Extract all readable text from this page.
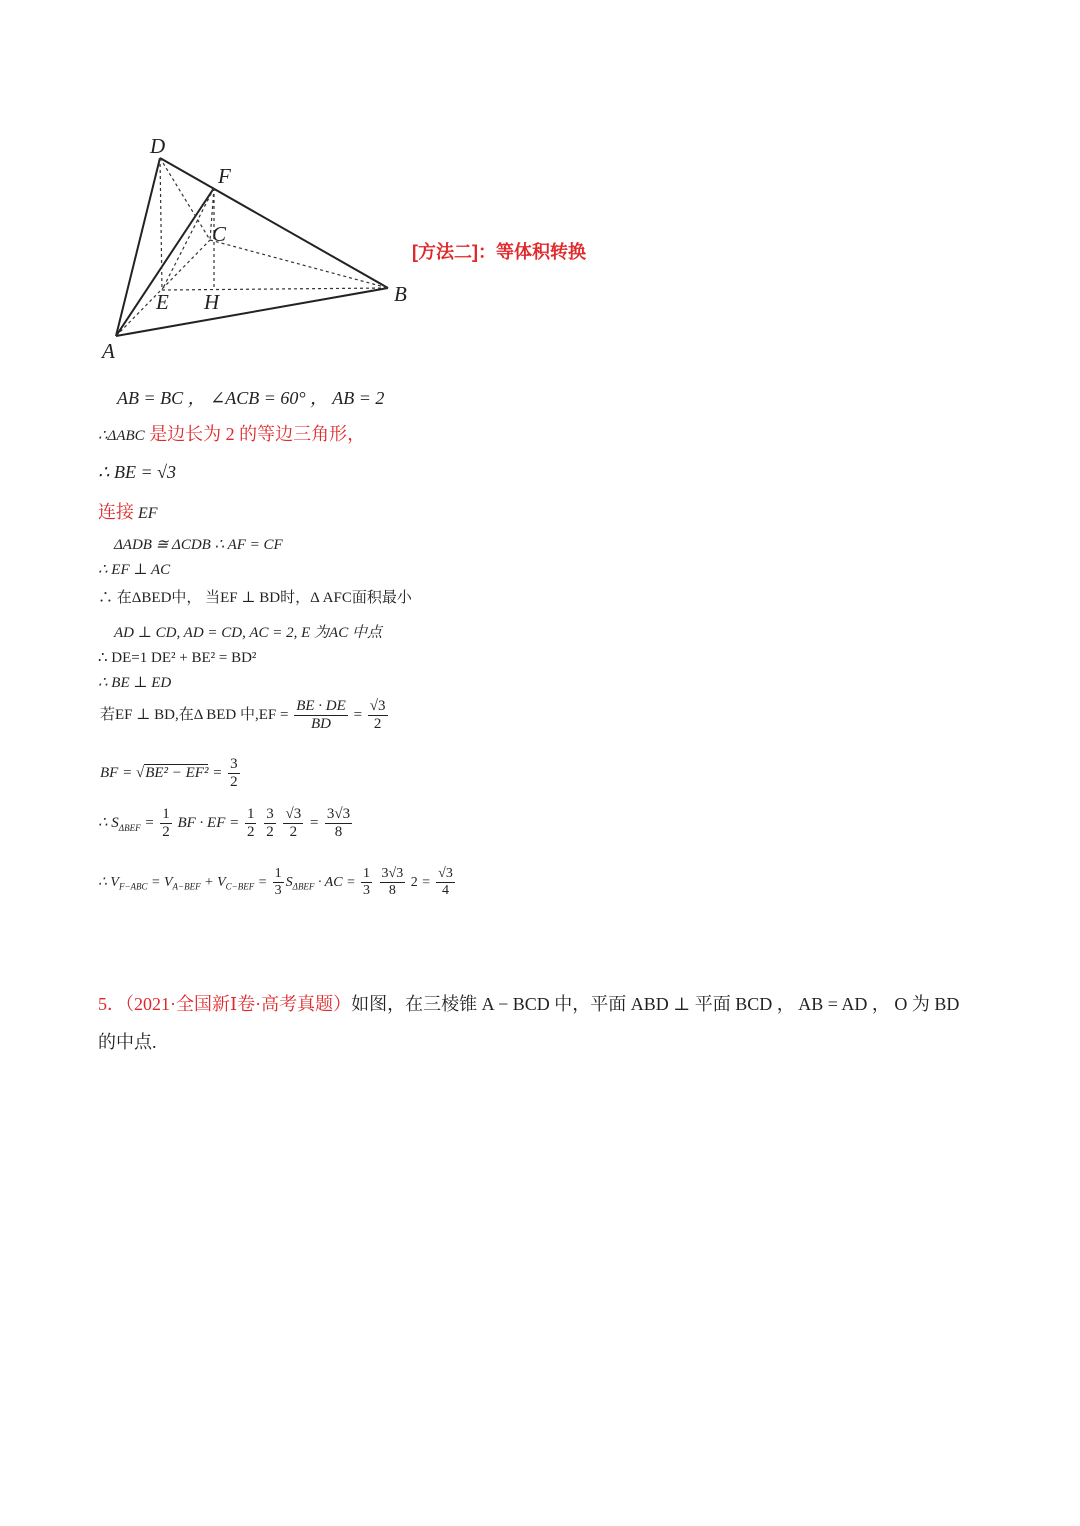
D
F
C
B
E H
A
[方法二]：等体积转换
AB = BC ， ∠ACB = 60° ， AB = 2
∴ΔABC 是边长为 2 的等边三角形，
∴ BE = √3
连接 EF
ΔADB ≅ ΔCDB ∴ AF = CF
∴ EF ⊥ AC
∴ 在ΔBED中， 当EF ⊥ BD时，Δ AFC面积最小
AD ⊥ CD, AD = CD, AC = 2, E 为AC 中点
∴ DE=1 DE² + BE² = BD²
∴ BE ⊥ ED
若EF ⊥ BD,在Δ BED 中$,EF = \frac{BE \cdot DE}{BD} = \frac{√3}{2}$
BF = $√BE^2 - EF^2 = \frac{3}{2}$
∴ $S_{\Delta BEF} = \frac{1}{2}$ BF · EF = $\frac{1}{2}$
$\frac{3}{2}$
$\frac{√3}{2} = \frac{3√3}{8}$
∴ $V_{F-ABC} = V_{A-BEF} + V_{C-BEF} = \frac{1}{3} S_{\Delta BEF}$ · AC = $\frac{1}{3}$
$\frac{3√3}{8} 2 = \frac{√3}{4}$
5．（2021·全国新Ⅰ卷·高考真题）如图，在三棱锥 A − BCD 中，平面 ABD ⊥ 平面 BCD ， AB = AD ， O 为 BD
的中点.
